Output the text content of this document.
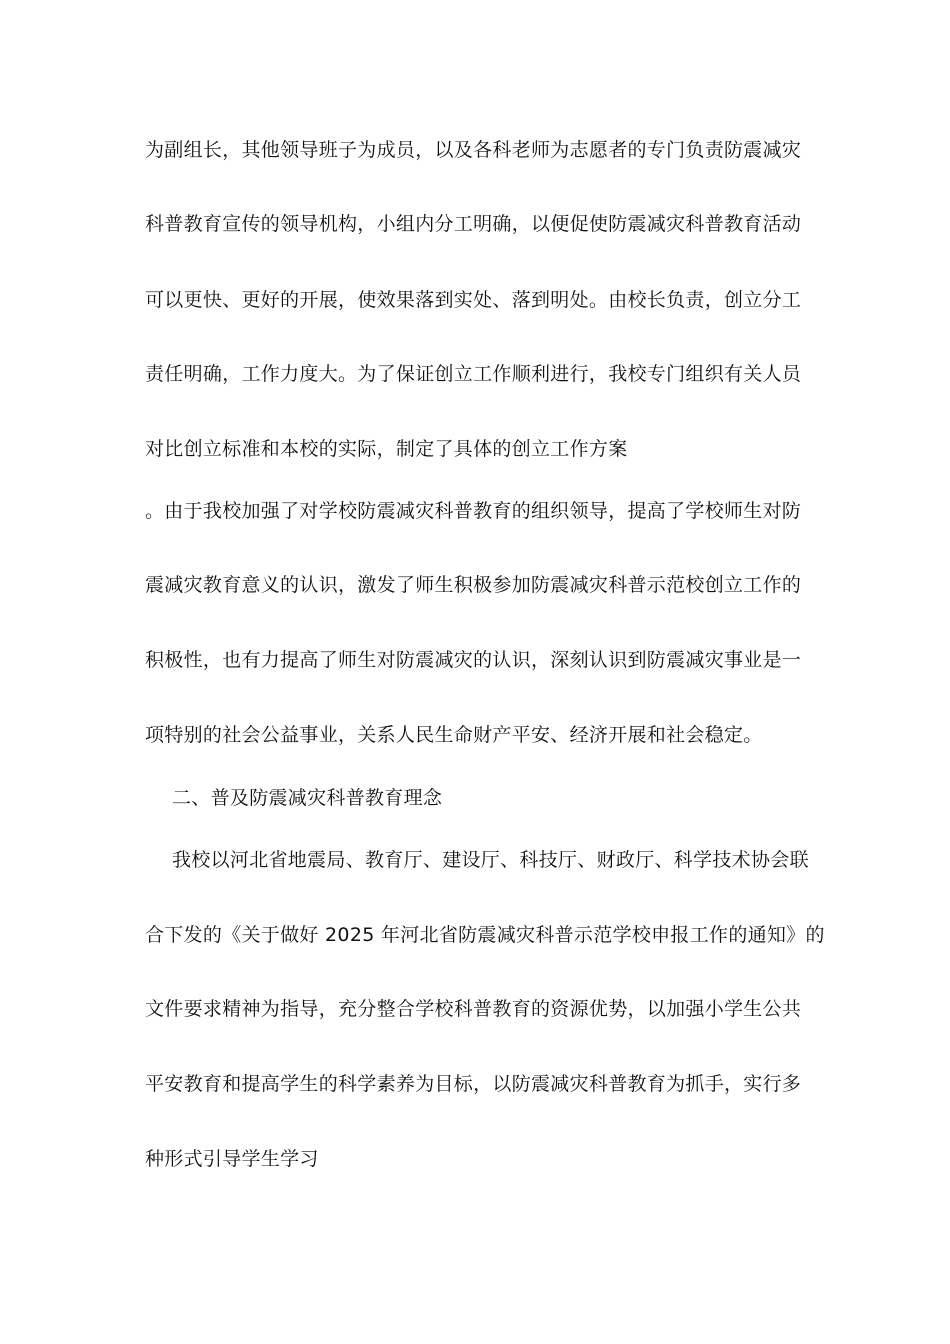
为副组长，其他领导班子为成员，以及各科老师为志愿者的专门负责防震减灾
科普教育宣传的领导机构，小组内分工明确，以便促使防震减灾科普教育活动
可以更快、更好的开展，使效果落到实处、落到明处。由校长负责，创立分工
责任明确，工作力度大。为了保证创立工作顺利进行，我校专门组织有关人员
对比创立标准和本校的实际，制定了具体的创立工作方案
。由于我校加强了对学校防震减灾科普教育的组织领导，提高了学校师生对防
震减灾教育意义的认识，激发了师生积极参加防震减灾科普示范校创立工作的
积极性，也有力提高了师生对防震减灾的认识，深刻认识到防震减灾事业是一
项特别的社会公益事业，关系人民生命财产平安、经济开展和社会稳定。
二、普及防震减灾科普教育理念
我校以河北省地震局、教育厅、建设厅、科技厅、财政厅、科学技术协会联
合下发的《关于做好 2025 年河北省防震减灾科普示范学校申报工作的通知》的
文件要求精神为指导，充分整合学校科普教育的资源优势，以加强小学生公共
平安教育和提高学生的科学素养为目标，以防震减灾科普教育为抓手，实行多
种形式引导学生学习
